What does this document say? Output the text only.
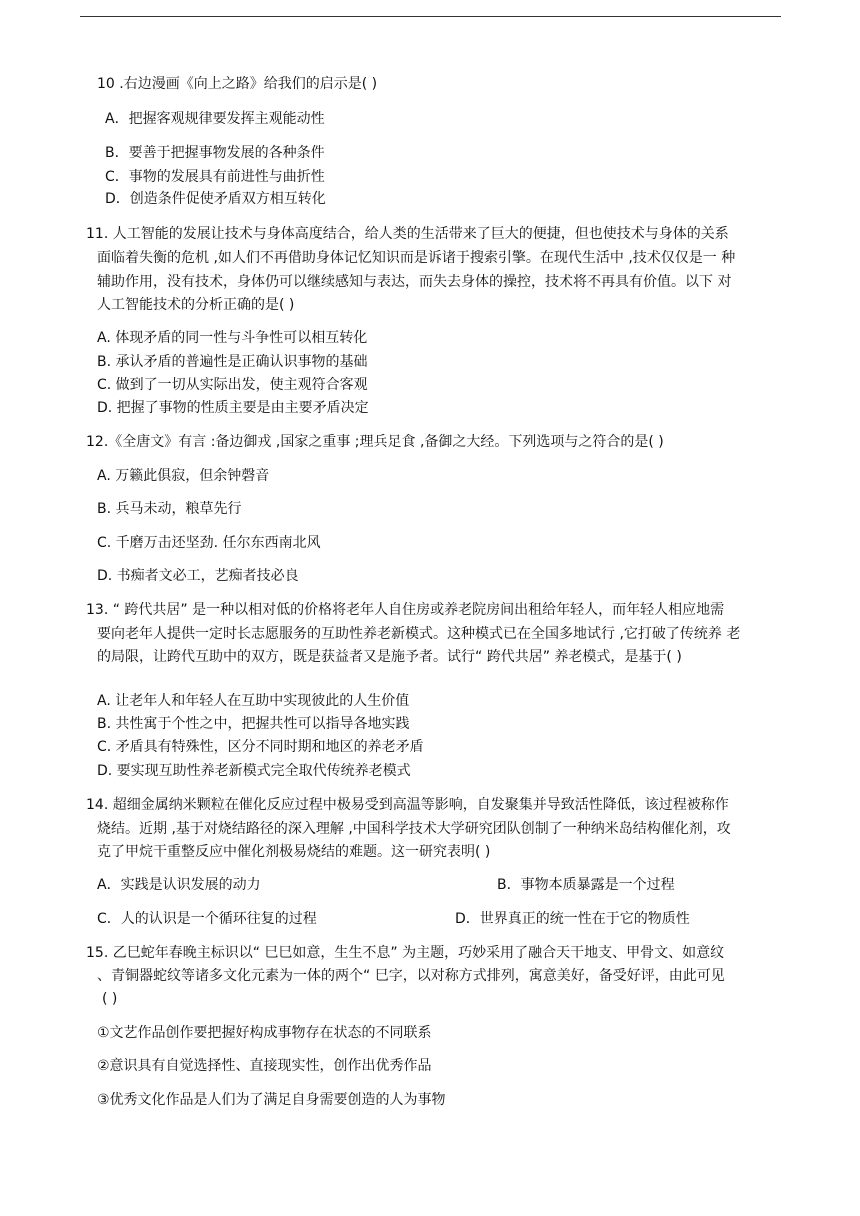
10 .右边漫画《向上之路》给我们的启示是( )
A．把握客观规律要发挥主观能动性
B．要善于把握事物发展的各种条件
C．事物的发展具有前进性与曲折性
D．创造条件促使矛盾双方相互转化
11. 人工智能的发展让技术与身体高度结合，给人类的生活带来了巨大的便捷，但也使技术与身体的关系
面临着失衡的危机 ,如人们不再借助身体记忆知识而是诉诸于搜索引擎。在现代生活中 ,技术仅仅是一 种
辅助作用，没有技术，身体仍可以继续感知与表达，而失去身体的操控，技术将不再具有价值。以下 对
人工智能技术的分析正确的是( )
A. 体现矛盾的同一性与斗争性可以相互转化
B. 承认矛盾的普遍性是正确认识事物的基础
C. 做到了一切从实际出发，使主观符合客观
D. 把握了事物的性质主要是由主要矛盾决定
12.《全唐文》有言 :备边御戎 ,国家之重事 ;理兵足食 ,备御之大经。下列选项与之符合的是( )
A. 万籁此俱寂，但余钟磬音
B. 兵马未动，粮草先行
C. 千磨万击还坚劲. 任尔东西南北风
D. 书痴者文必工，艺痴者技必良
13. “ 跨代共居” 是一种以相对低的价格将老年人自住房或养老院房间出租给年轻人，而年轻人相应地需
要向老年人提供一定时长志愿服务的互助性养老新模式。这种模式已在全国多地试行 ,它打破了传统养 老
的局限，让跨代互助中的双方，既是获益者又是施予者。试行“ 跨代共居” 养老模式，是基于( )
A. 让老年人和年轻人在互助中实现彼此的人生价值
B. 共性寓于个性之中，把握共性可以指导各地实践
C. 矛盾具有特殊性，区分不同时期和地区的养老矛盾
D. 要实现互助性养老新模式完全取代传统养老模式
14. 超细金属纳米颗粒在催化反应过程中极易受到高温等影响，自发聚集并导致活性降低，该过程被称作
烧结。近期 ,基于对烧结路径的深入理解 ,中国科学技术大学研究团队创制了一种纳米岛结构催化剂，攻
克了甲烷干重整反应中催化剂极易烧结的难题。这一研究表明( )
A．实践是认识发展的动力	B．事物本质暴露是一个过程
C．人的认识是一个循环往复的过程	D．世界真正的统一性在于它的物质性
15. 乙巳蛇年春晚主标识以“ 巳巳如意，生生不息” 为主题，巧妙采用了融合天干地支、甲骨文、如意纹
、青铜器蛇纹等诸多文化元素为一体的两个“ 巳字，以对称方式排列，寓意美好，备受好评，由此可见
( )
①文艺作品创作要把握好构成事物存在状态的不同联系
②意识具有自觉选择性、直接现实性，创作出优秀作品
③优秀文化作品是人们为了满足自身需要创造的人为事物
